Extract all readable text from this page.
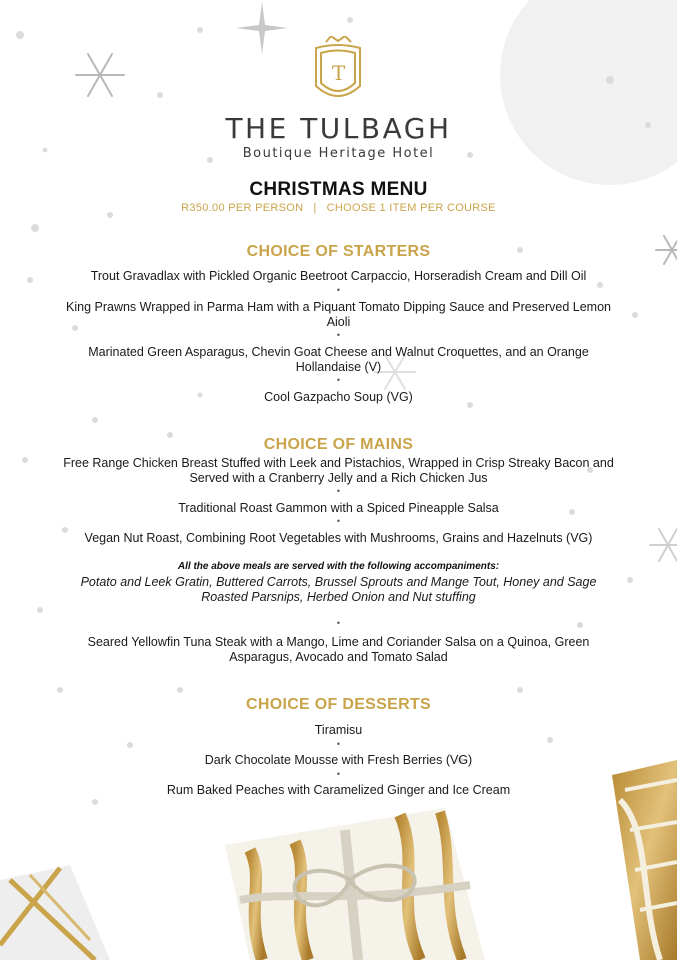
T
THE TULBAGH
Boutique Heritage Hotel
CHRISTMAS MENU
R350.00 PER PERSON   |   CHOOSE 1 ITEM PER COURSE
CHOICE OF STARTERS
Trout Gravadlax with Pickled Organic Beetroot Carpaccio, Horseradish Cream and Dill Oil
•
King Prawns Wrapped in Parma Ham with a Piquant Tomato Dipping Sauce and Preserved Lemon Aioli
•
Marinated Green Asparagus, Chevin Goat Cheese and Walnut Croquettes, and an Orange Hollandaise (V)
•
Cool Gazpacho Soup (VG)
CHOICE OF MAINS
Free Range Chicken Breast Stuffed with Leek and Pistachios, Wrapped in Crisp Streaky Bacon and Served with a Cranberry Jelly and a Rich Chicken Jus
•
Traditional Roast Gammon with a Spiced Pineapple Salsa
•
Vegan Nut Roast, Combining Root Vegetables with Mushrooms, Grains and Hazelnuts (VG)
All the above meals are served with the following accompaniments:
Potato and Leek Gratin, Buttered Carrots, Brussel Sprouts and Mange Tout, Honey and Sage Roasted Parsnips, Herbed Onion and Nut stuffing
•
Seared Yellowfin Tuna Steak with a Mango, Lime and Coriander Salsa on a Quinoa, Green Asparagus, Avocado and Tomato Salad
CHOICE OF DESSERTS
Tiramisu
•
Dark Chocolate Mousse with Fresh Berries (VG)
•
Rum Baked Peaches with Caramelized Ginger and Ice Cream
